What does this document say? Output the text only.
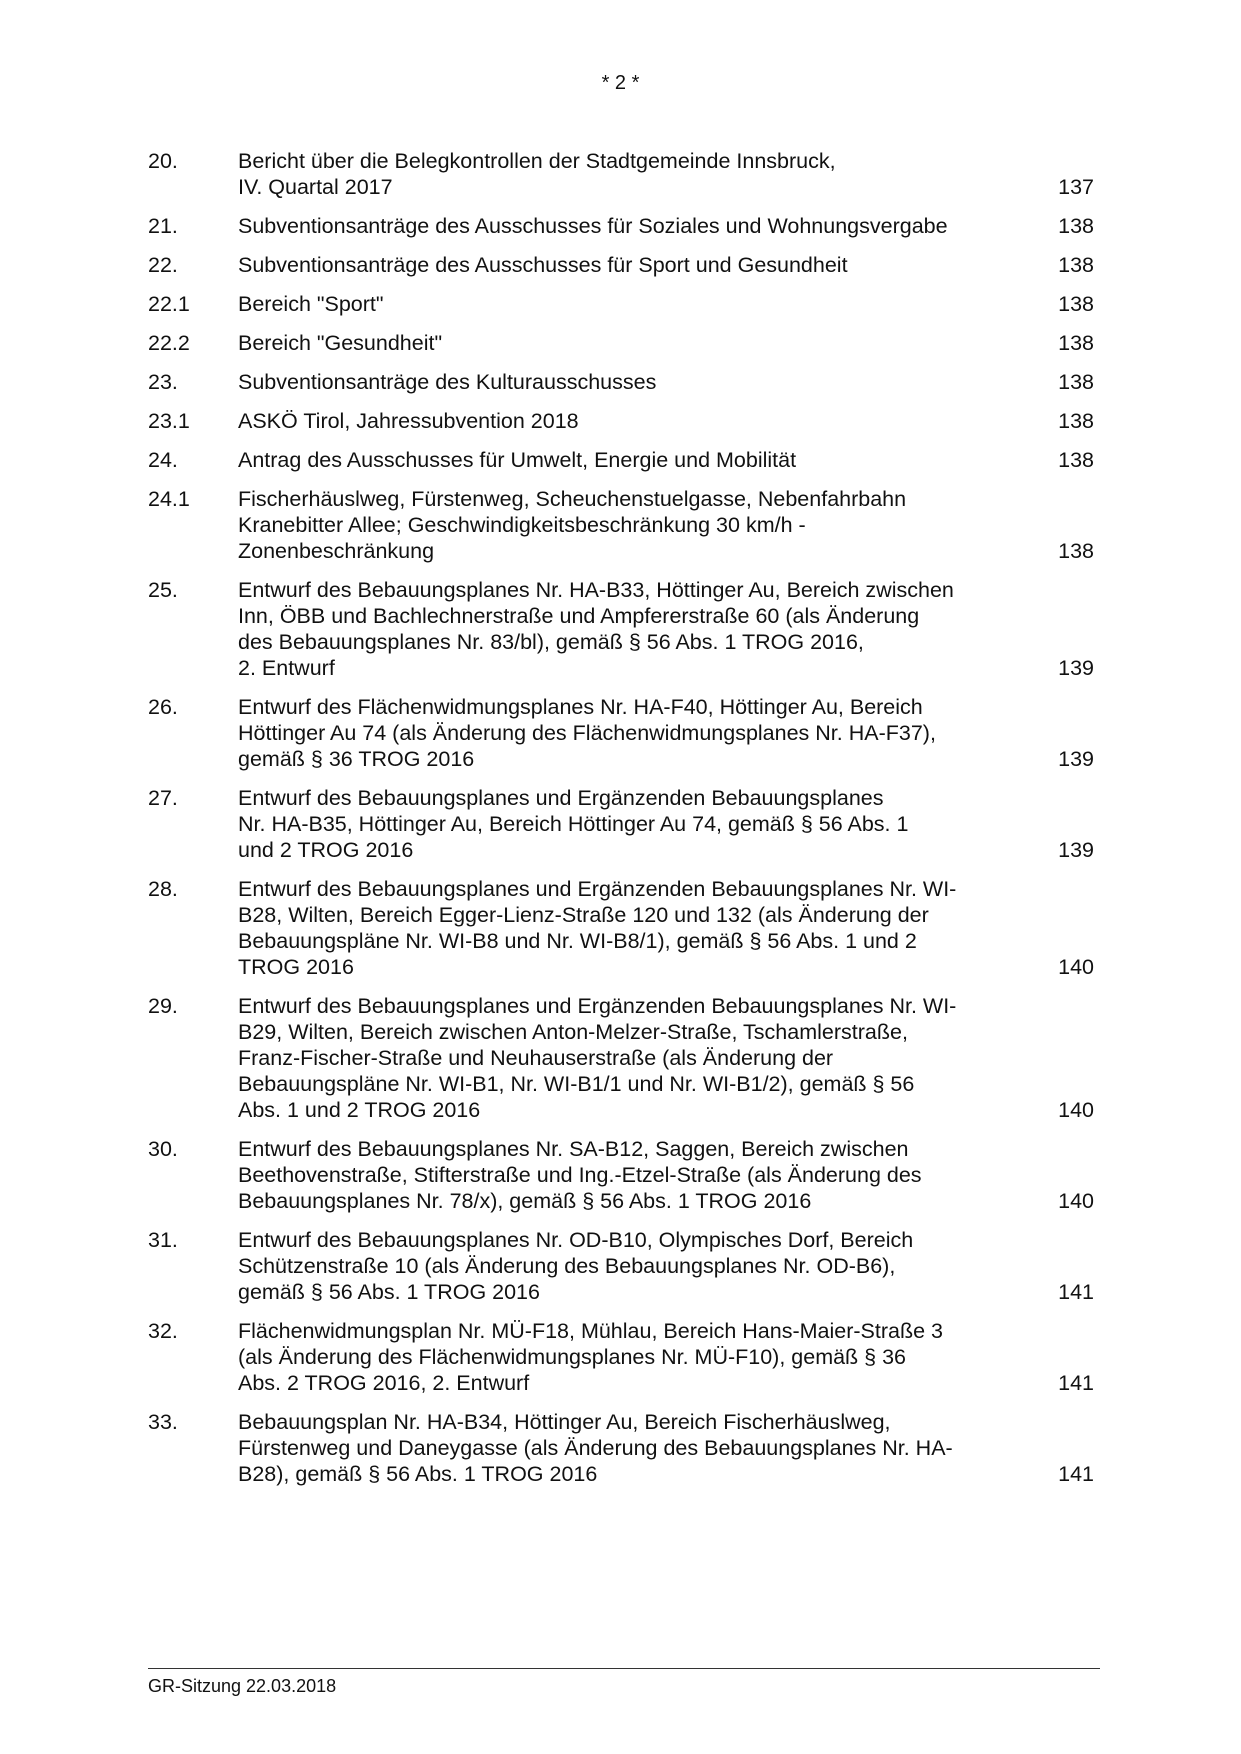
* 2 *
20.	Bericht über die Belegkontrollen der Stadtgemeinde Innsbruck,
IV. Quartal 2017	137
21.	Subventionsanträge des Ausschusses für Soziales und Wohnungsvergabe	138
22.	Subventionsanträge des Ausschusses für Sport und Gesundheit	138
22.1	Bereich "Sport"	138
22.2	Bereich "Gesundheit"	138
23.	Subventionsanträge des Kulturausschusses	138
23.1	ASKÖ Tirol, Jahressubvention 2018	138
24.	Antrag des Ausschusses für Umwelt, Energie und Mobilität	138
24.1	Fischerhäuslweg, Fürstenweg, Scheuchenstuelgasse, Nebenfahrbahn
Kranebitter Allee; Geschwindigkeitsbeschränkung 30 km/h -
Zonenbeschränkung	138
25.	Entwurf des Bebauungsplanes Nr. HA-B33, Höttinger Au, Bereich zwischen
Inn, ÖBB und Bachlechnerstraße und Ampfererstraße 60 (als Änderung
des Bebauungsplanes Nr. 83/bl), gemäß § 56 Abs. 1 TROG 2016,
2. Entwurf	139
26.	Entwurf des Flächenwidmungsplanes Nr. HA-F40, Höttinger Au, Bereich
Höttinger Au 74 (als Änderung des Flächenwidmungsplanes Nr. HA-F37),
gemäß § 36 TROG 2016	139
27.	Entwurf des Bebauungsplanes und Ergänzenden Bebauungsplanes
Nr. HA-B35, Höttinger Au, Bereich Höttinger Au 74, gemäß § 56 Abs. 1
und 2 TROG 2016	139
28.	Entwurf des Bebauungsplanes und Ergänzenden Bebauungsplanes Nr. WI-
B28, Wilten, Bereich Egger-Lienz-Straße 120 und 132 (als Änderung der
Bebauungspläne Nr. WI-B8 und Nr. WI-B8/1), gemäß § 56 Abs. 1 und 2
TROG 2016	140
29.	Entwurf des Bebauungsplanes und Ergänzenden Bebauungsplanes Nr. WI-
B29, Wilten, Bereich zwischen Anton-Melzer-Straße, Tschamlerstraße,
Franz-Fischer-Straße und Neuhauserstraße (als Änderung der
Bebauungspläne Nr. WI-B1, Nr. WI-B1/1 und Nr. WI-B1/2), gemäß § 56
Abs. 1 und 2 TROG 2016	140
30.	Entwurf des Bebauungsplanes Nr. SA-B12, Saggen, Bereich zwischen
Beethovenstraße, Stifterstraße und Ing.-Etzel-Straße (als Änderung des
Bebauungsplanes Nr. 78/x), gemäß § 56 Abs. 1 TROG 2016	140
31.	Entwurf des Bebauungsplanes Nr. OD-B10, Olympisches Dorf, Bereich
Schützenstraße 10 (als Änderung des Bebauungsplanes Nr. OD-B6),
gemäß § 56 Abs. 1 TROG 2016	141
32.	Flächenwidmungsplan Nr. MÜ-F18, Mühlau, Bereich Hans-Maier-Straße 3
(als Änderung des Flächenwidmungsplanes Nr. MÜ-F10), gemäß § 36
Abs. 2 TROG 2016, 2. Entwurf	141
33.	Bebauungsplan Nr. HA-B34, Höttinger Au, Bereich Fischerhäuslweg,
Fürstenweg und Daneygasse (als Änderung des Bebauungsplanes Nr. HA-
B28), gemäß § 56 Abs. 1 TROG 2016	141
GR-Sitzung 22.03.2018
